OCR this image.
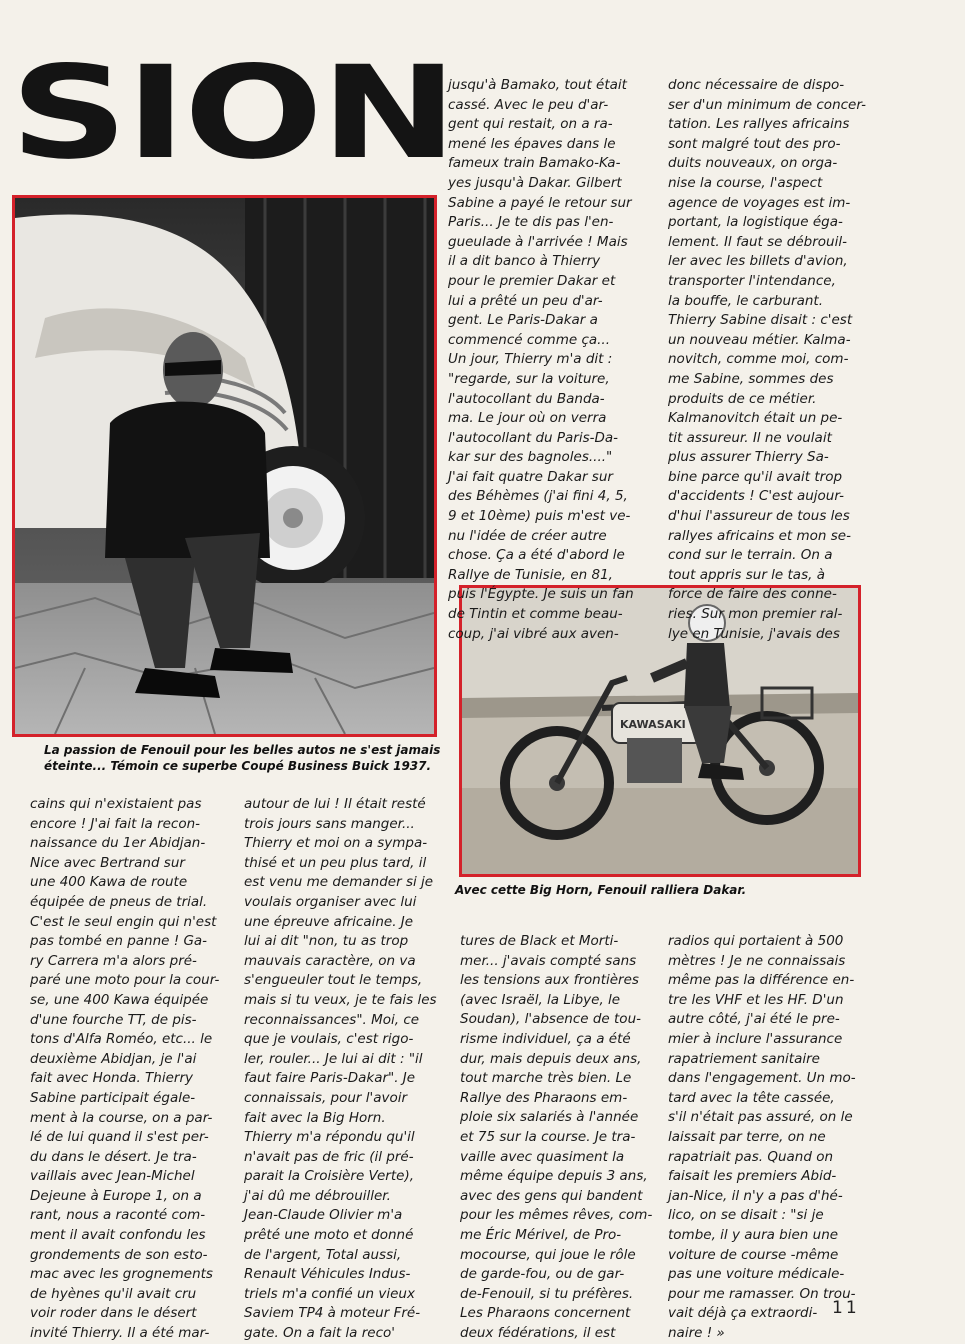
SION
La passion de Fenouil pour les belles autos ne s'est jamais
éteinte... Témoin ce superbe Coupé Business Buick 1937.
KAWASAKI
Avec cette Big Horn, Fenouil ralliera Dakar.
jusqu'à Bamako, tout était
cassé. Avec le peu d'ar-
gent qui restait, on a ra-
mené les épaves dans le
fameux train Bamako-Ka-
yes jusqu'à Dakar. Gilbert
Sabine a payé le retour sur
Paris... Je te dis pas l'en-
gueulade à l'arrivée ! Mais
il a dit banco à Thierry
pour le premier Dakar et
lui a prêté un peu d'ar-
gent. Le Paris-Dakar a
commencé comme ça...
Un jour, Thierry m'a dit :
"regarde, sur la voiture,
l'autocollant du Banda-
ma. Le jour où on verra
l'autocollant du Paris-Da-
kar sur des bagnoles...."
J'ai fait quatre Dakar sur
des Béhèmes (j'ai fini 4, 5,
9 et 10ème) puis m'est ve-
nu l'idée de créer autre
chose. Ça a été d'abord le
Rallye de Tunisie, en 81,
puis l'Égypte. Je suis un fan
de Tintin et comme beau-
coup, j'ai vibré aux aven-
donc nécessaire de dispo-
ser d'un minimum de concer-
tation. Les rallyes africains
sont malgré tout des pro-
duits nouveaux, on orga-
nise la course, l'aspect
agence de voyages est im-
portant, la logistique éga-
lement. Il faut se débrouil-
ler avec les billets d'avion,
transporter l'intendance,
la bouffe, le carburant.
Thierry Sabine disait : c'est
un nouveau métier. Kalma-
novitch, comme moi, com-
me Sabine, sommes des
produits de ce métier.
Kalmanovitch était un pe-
tit assureur. Il ne voulait
plus assurer Thierry Sa-
bine parce qu'il avait trop
d'accidents ! C'est aujour-
d'hui l'assureur de tous les
rallyes africains et mon se-
cond sur le terrain. On a
tout appris sur le tas, à
force de faire des conne-
ries. Sur mon premier ral-
lye en Tunisie, j'avais des
cains qui n'existaient pas
encore ! J'ai fait la recon-
naissance du 1er Abidjan-
Nice avec Bertrand sur
une 400 Kawa de route
équipée de pneus de trial.
C'est le seul engin qui n'est
pas tombé en panne ! Ga-
ry Carrera m'a alors pré-
paré une moto pour la cour-
se, une 400 Kawa équipée
d'une fourche TT, de pis-
tons d'Alfa Roméo, etc... le
deuxième Abidjan, je l'ai
fait avec Honda. Thierry
Sabine participait égale-
ment à la course, on a par-
lé de lui quand il s'est per-
du dans le désert. Je tra-
vaillais avec Jean-Michel
Dejeune à Europe 1, on a
rant, nous a raconté com-
ment il avait confondu les
grondements de son esto-
mac avec les grognements
de hyènes qu'il avait cru
voir roder dans le désert
invité Thierry. Il a été mar-
autour de lui ! Il était resté
trois jours sans manger...
Thierry et moi on a sympa-
thisé et un peu plus tard, il
est venu me demander si je
voulais organiser avec lui
une épreuve africaine. Je
lui ai dit "non, tu as trop
mauvais caractère, on va
s'engueuler tout le temps,
mais si tu veux, je te fais les
reconnaissances". Moi, ce
que je voulais, c'est rigo-
ler, rouler... Je lui ai dit : "il
faut faire Paris-Dakar". Je
connaissais, pour l'avoir
fait avec la Big Horn.
Thierry m'a répondu qu'il
n'avait pas de fric (il pré-
parait la Croisière Verte),
j'ai dû me débrouiller.
Jean-Claude Olivier m'a
prêté une moto et donné
de l'argent, Total aussi,
Renault Véhicules Indus-
triels m'a confié un vieux
Saviem TP4 à moteur Fré-
gate. On a fait la reco'
tures de Black et Morti-
mer... j'avais compté sans
les tensions aux frontières
(avec Israël, la Libye, le
Soudan), l'absence de tou-
risme individuel, ça a été
dur, mais depuis deux ans,
tout marche très bien. Le
Rallye des Pharaons em-
ploie six salariés à l'année
et 75 sur la course. Je tra-
vaille avec quasiment la
même équipe depuis 3 ans,
avec des gens qui bandent
pour les mêmes rêves, com-
me Éric Mérivel, de Pro-
mocourse, qui joue le rôle
de garde-fou, ou de gar-
de-Fenouil, si tu préfères.
Les Pharaons concernent
deux fédérations, il est
radios qui portaient à 500
mètres ! Je ne connaissais
même pas la différence en-
tre les VHF et les HF. D'un
autre côté, j'ai été le pre-
mier à inclure l'assurance
rapatriement sanitaire
dans l'engagement. Un mo-
tard avec la tête cassée,
s'il n'était pas assuré, on le
laissait par terre, on ne
rapatriait pas. Quand on
faisait les premiers Abid-
jan-Nice, il n'y a pas d'hé-
lico, on se disait : "si je
tombe, il y aura bien une
voiture de course -même
pas une voiture médicale-
pour me ramasser. On trou-
vait déjà ça extraordi-
naire ! »
11
